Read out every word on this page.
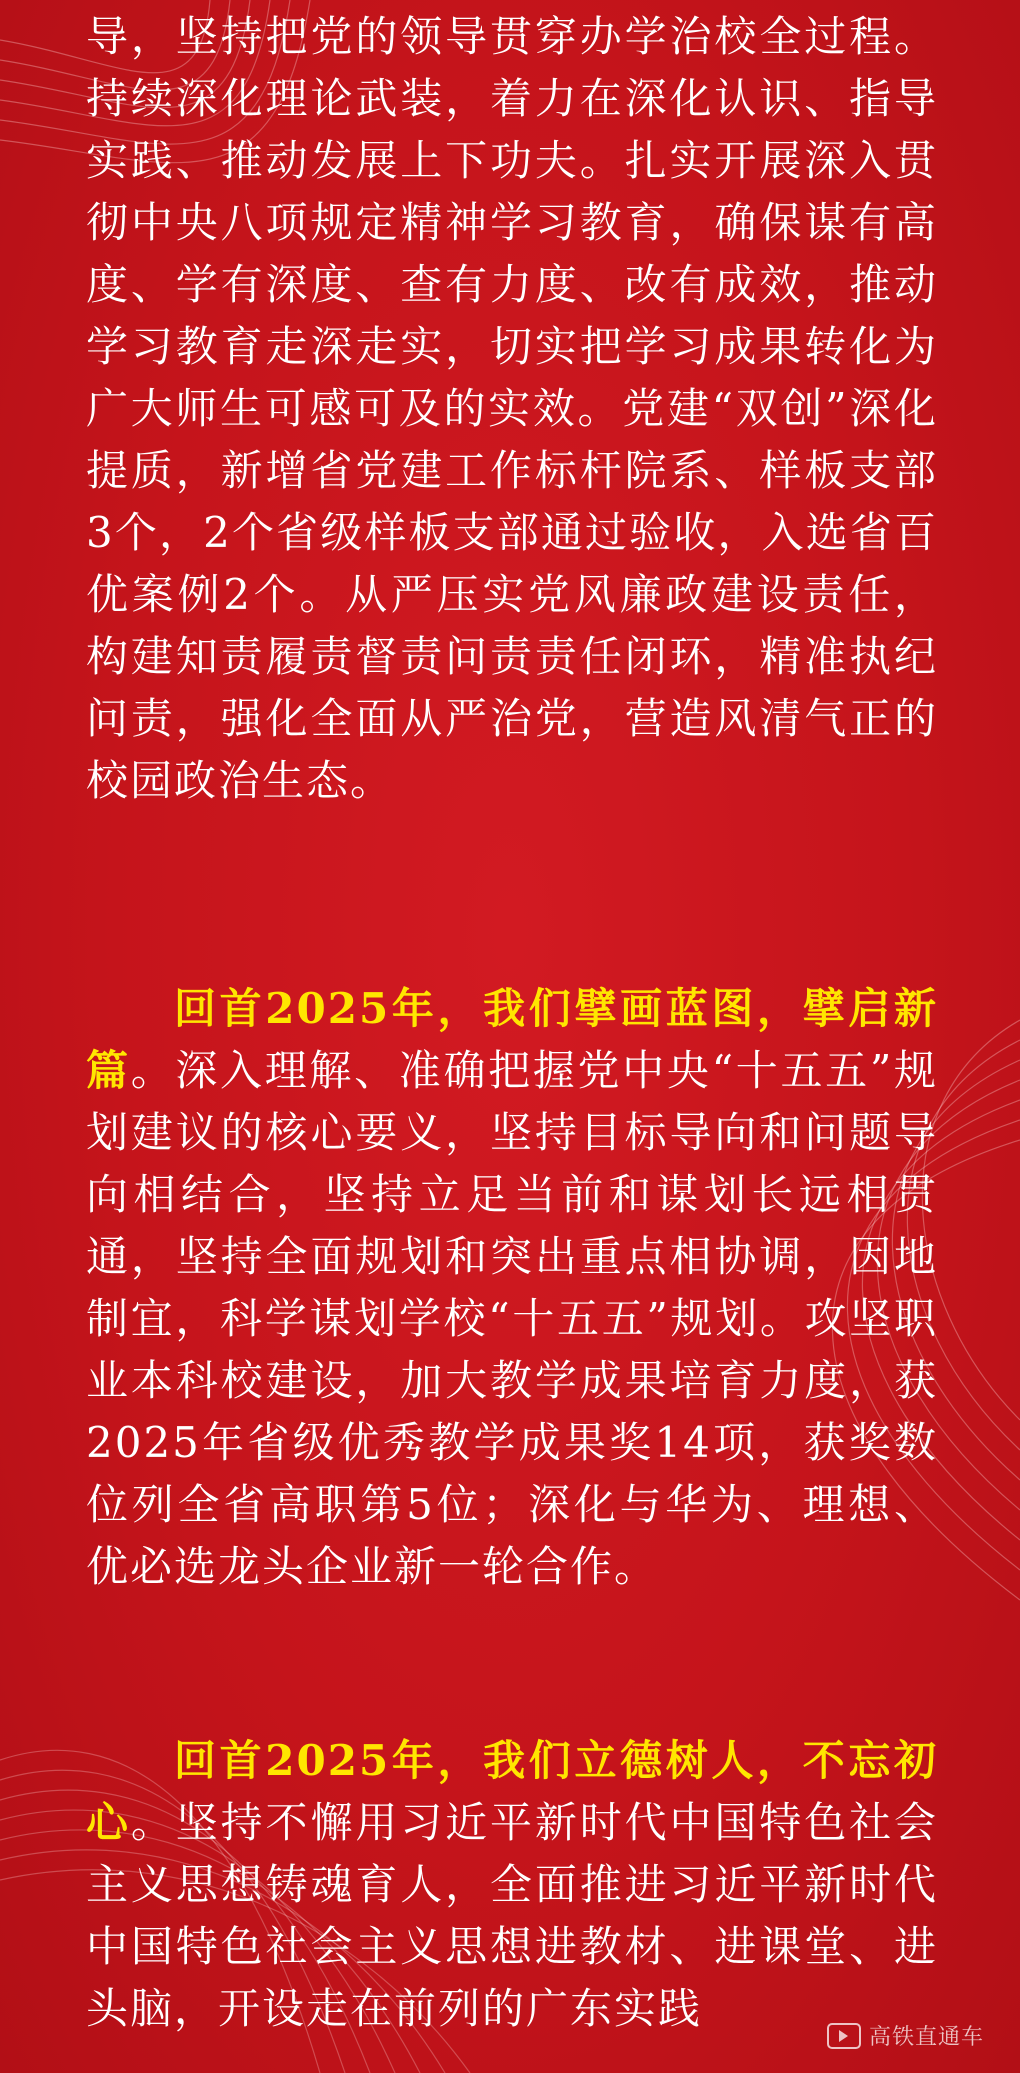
导，坚持把党的领导贯穿办学治校全过程。持续深化理论武装，着力在深化认识、指导实践、推动发展上下功夫。扎实开展深入贯彻中央八项规定精神学习教育，确保谋有高度、学有深度、查有力度、改有成效，推动学习教育走深走实，切实把学习成果转化为广大师生可感可及的实效。党建“双创”深化提质，新增省党建工作标杆院系、样板支部3个，2个省级样板支部通过验收，入选省百优案例2个。从严压实党风廉政建设责任，构建知责履责督责问责责任闭环，精准执纪问责，强化全面从严治党，营造风清气正的校园政治生态。

回首2025年，我们擘画蓝图，擘启新篇。深入理解、准确把握党中央“十五五”规划建议的核心要义，坚持目标导向和问题导向相结合，坚持立足当前和谋划长远相贯通，坚持全面规划和突出重点相协调，因地制宜，科学谋划学校“十五五”规划。攻坚职业本科校建设，加大教学成果培育力度，获2025年省级优秀教学成果奖14项，获奖数位列全省高职第5位；深化与华为、理想、优必选龙头企业新一轮合作。

回首2025年，我们立德树人，不忘初心。坚持不懈用习近平新时代中国特色社会主义思想铸魂育人，全面推进习近平新时代中国特色社会主义思想进教材、进课堂、进头脑，开设走在前列的广东实践

高铁直通车
